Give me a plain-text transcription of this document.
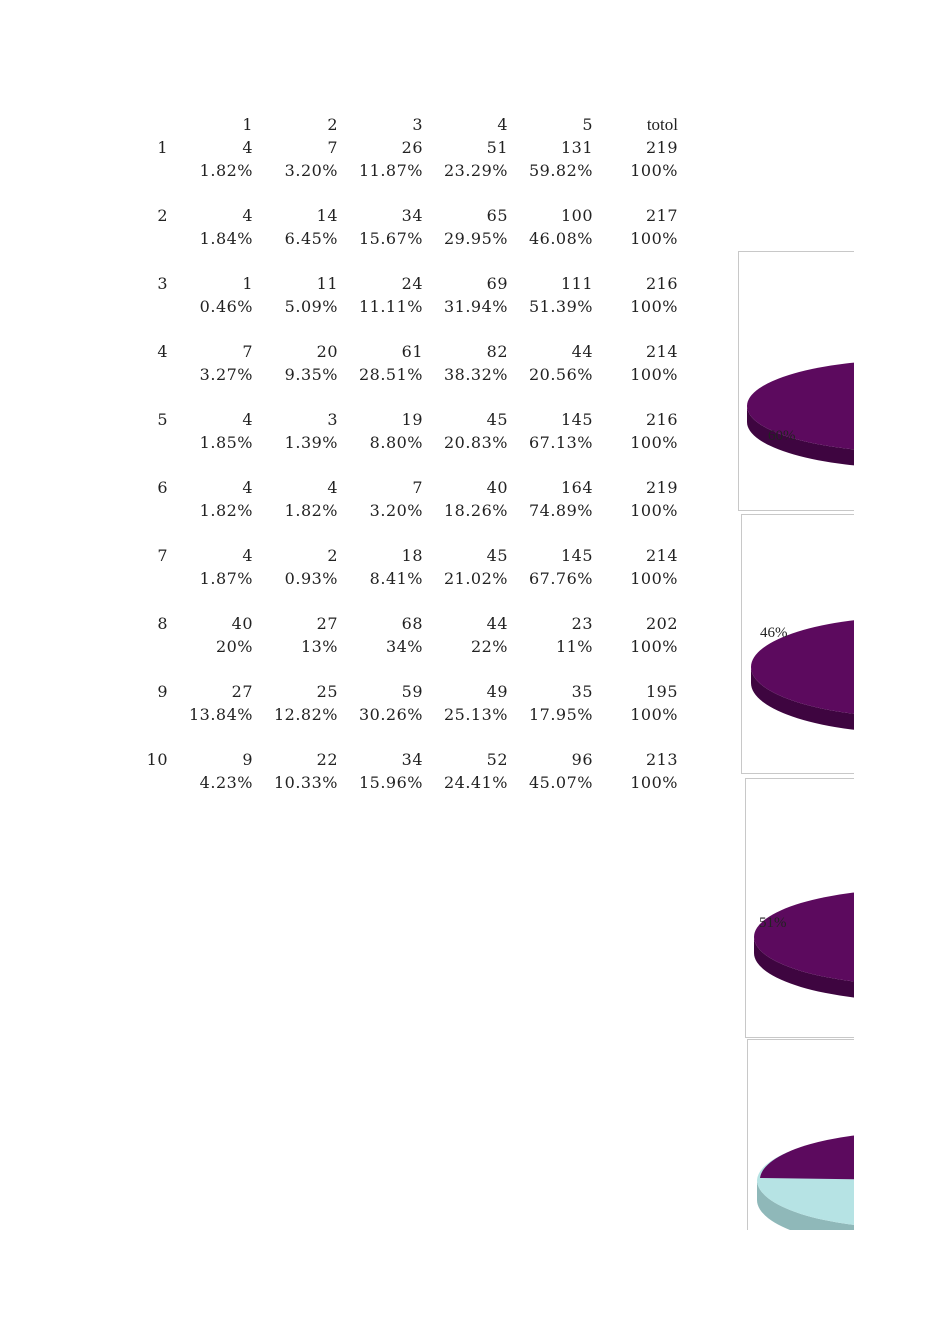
1	2	3	4	5	totol
1	4	7	26	51	131	219
1.82%	3.20%	11.87%	23.29%	59.82%	100%
2	4	14	34	65	100	217
1.84%	6.45%	15.67%	29.95%	46.08%	100%
3	1	11	24	69	111	216
0.46%	5.09%	11.11%	31.94%	51.39%	100%
4	7	20	61	82	44	214
3.27%	9.35%	28.51%	38.32%	20.56%	100%
5	4	3	19	45	145	216
1.85%	1.39%	8.80%	20.83%	67.13%	100%
6	4	4	7	40	164	219
1.82%	1.82%	3.20%	18.26%	74.89%	100%
7	4	2	18	45	145	214
1.87%	0.93%	8.41%	21.02%	67.76%	100%
8	40	27	68	44	23	202
20%	13%	34%	22%	11%	100%
9	27	25	59	49	35	195
13.84%	12.82%	30.26%	25.13%	17.95%	100%
10	9	22	34	52	96	213
4.23%	10.33%	15.96%	24.41%	45.07%	100%
60%
46%
51%
